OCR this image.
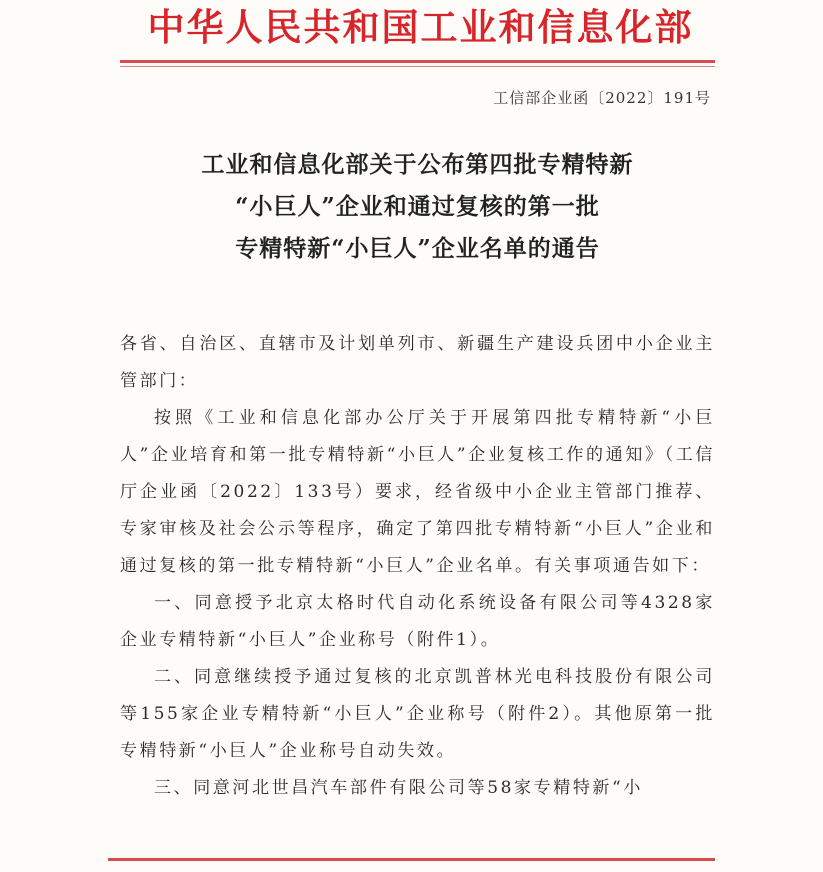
中华人民共和国工业和信息化部
工信部企业函〔2022〕191号
工业和信息化部关于公布第四批专精特新
“小巨人”企业和通过复核的第一批
专精特新“小巨人”企业名单的通告

各省、自治区、直辖市及计划单列市、新疆生产建设兵团中小企业主管部门：

按照《工业和信息化部办公厅关于开展第四批专精特新“小巨人”企业培育和第一批专精特新“小巨人”企业复核工作的通知》（工信厅企业函〔2022〕133号）要求，经省级中小企业主管部门推荐、专家审核及社会公示等程序，确定了第四批专精特新“小巨人”企业和通过复核的第一批专精特新“小巨人”企业名单。有关事项通告如下：

一、同意授予北京太格时代自动化系统设备有限公司等4328家企业专精特新“小巨人”企业称号（附件1）。

二、同意继续授予通过复核的北京凯普林光电科技股份有限公司等155家企业专精特新“小巨人”企业称号（附件2）。其他原第一批专精特新“小巨人”企业称号自动失效。

三、同意河北世昌汽车部件有限公司等58家专精特新“小
